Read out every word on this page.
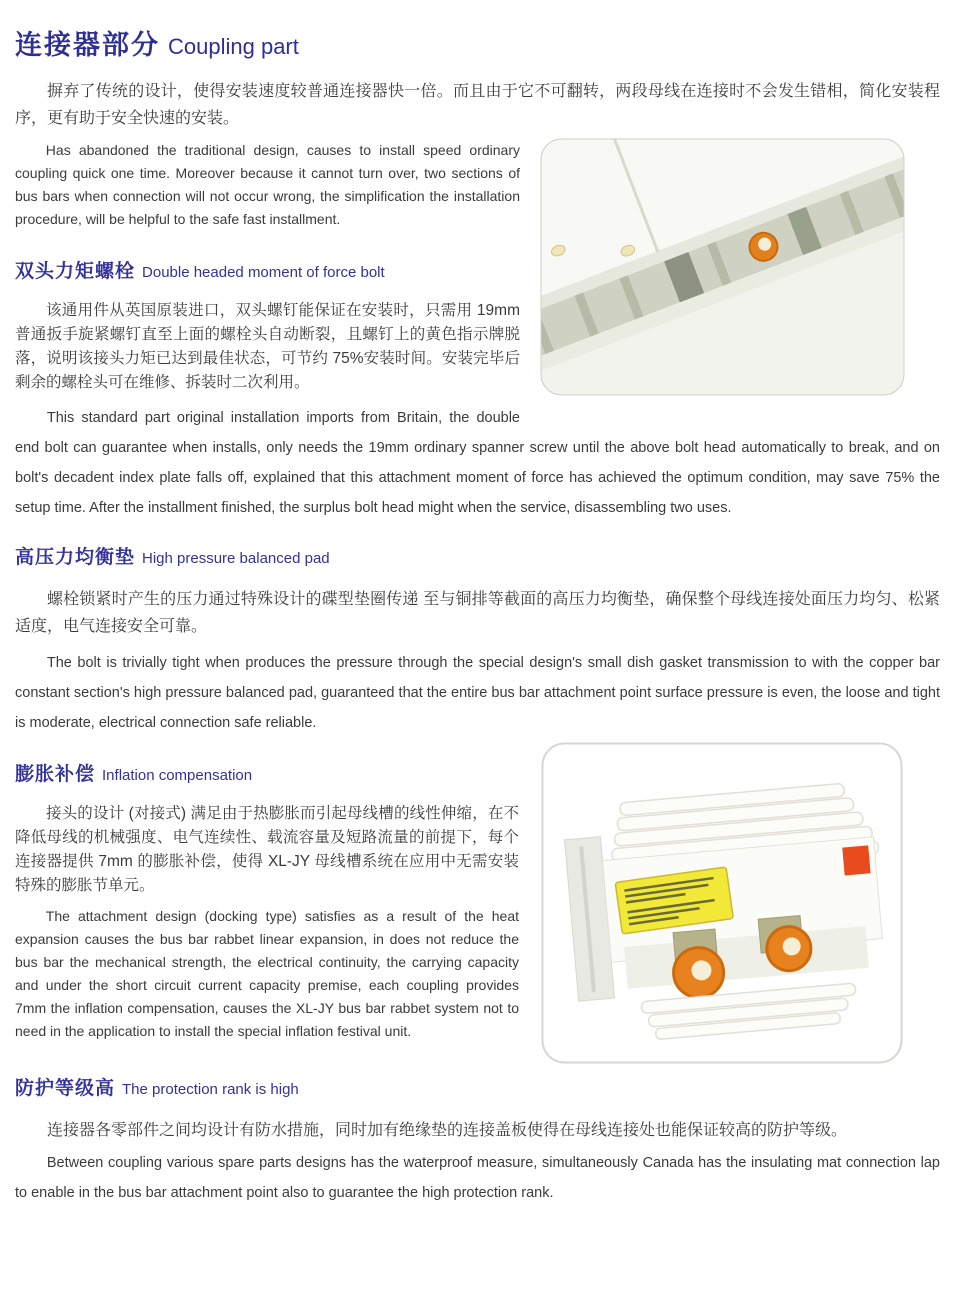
连接器部分 Coupling part

摒弃了传统的设计，使得安装速度较普通连接器快一倍。而且由于它不可翻转，两段母线在连接时不会发生错相，简化安装程序，更有助于安全快速的安装。

Has abandoned the traditional design, causes to install speed ordinary coupling quick one time. Moreover because it cannot turn over, two sections of bus bars when connection will not occur wrong, the simplification the installation procedure, will be helpful to the safe fast installment.

双头力矩螺栓 Double headed moment of force bolt

该通用件从英国原装进口，双头螺钉能保证在安装时，只需用 19mm 普通扳手旋紧螺钉直至上面的螺栓头自动断裂，且螺钉上的黄色指示牌脱落，说明该接头力矩已达到最佳状态，可节约 75%安装时间。安装完毕后剩余的螺栓头可在维修、拆装时二次利用。

This standard part original installation imports from Britain, the double end bolt can guarantee when installs, only needs the 19mm ordinary spanner screw until the above bolt head automatically to break, and on bolt's decadent index plate falls off, explained that this attachment moment of force has achieved the optimum condition, may save 75% the setup time. After the installment finished, the surplus bolt head might when the service, disassembling two uses.

高压力均衡垫 High pressure balanced pad

螺栓锁紧时产生的压力通过特殊设计的碟型垫圈传递 至与铜排等截面的高压力均衡垫，确保整个母线连接处面压力均匀、松紧适度，电气连接安全可靠。

The bolt is trivially tight when produces the pressure through the special design's small dish gasket transmission to with the copper bar constant section's high pressure balanced pad, guaranteed that the entire bus bar attachment point surface pressure is even, the loose and tight is moderate, electrical connection safe reliable.

膨胀补偿 Inflation compensation

接头的设计 (对接式) 满足由于热膨胀而引起母线槽的线性伸缩，在不降低母线的机械强度、电气连续性、载流容量及短路流量的前提下，每个连接器提供 7mm 的膨胀补偿，使得 XL-JY 母线槽系统在应用中无需安装特殊的膨胀节单元。

The attachment design (docking type) satisfies as a result of the heat expansion causes the bus bar rabbet linear expansion, in does not reduce the bus bar the mechanical strength, the electrical continuity, the carrying capacity and under the short circuit current capacity premise, each coupling provides 7mm the inflation compensation, causes the XL-JY bus bar rabbet system not to need in the application to install the special inflation festival unit.

防护等级高 The protection rank is high

连接器各零部件之间均设计有防水措施，同时加有绝缘垫的连接盖板使得在母线连接处也能保证较高的防护等级。

Between coupling various spare parts designs has the waterproof measure, simultaneously Canada has the insulating mat connection lap to enable in the bus bar attachment point also to guarantee the high protection rank.
